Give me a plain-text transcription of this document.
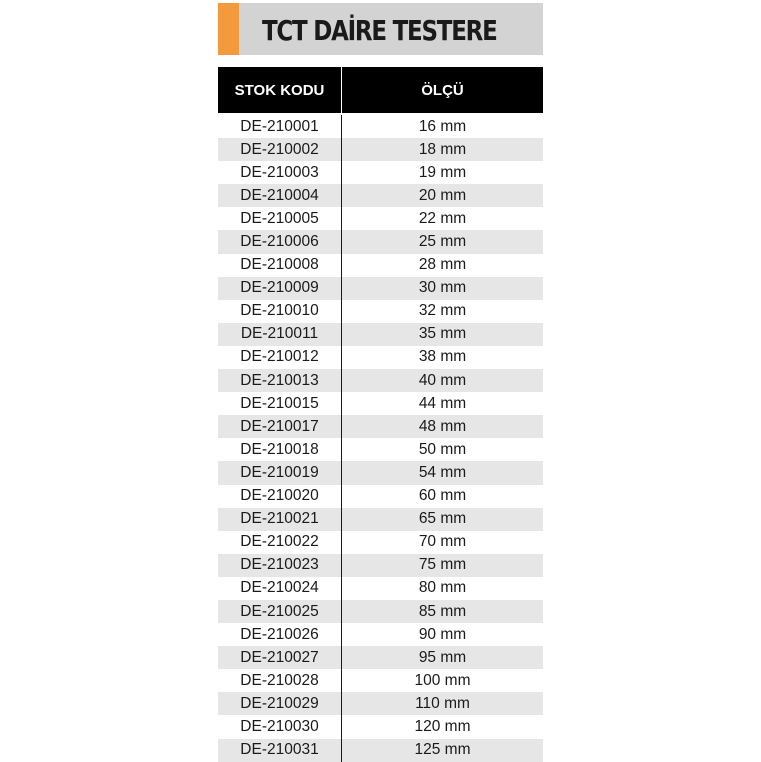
TCT DAİRE TESTERE
STOK KODU	ÖLÇÜ
DE-210001	16 mm
DE-210002	18 mm
DE-210003	19 mm
DE-210004	20 mm
DE-210005	22 mm
DE-210006	25 mm
DE-210008	28 mm
DE-210009	30 mm
DE-210010	32 mm
DE-210011	35 mm
DE-210012	38 mm
DE-210013	40 mm
DE-210015	44 mm
DE-210017	48 mm
DE-210018	50 mm
DE-210019	54 mm
DE-210020	60 mm
DE-210021	65 mm
DE-210022	70 mm
DE-210023	75 mm
DE-210024	80 mm
DE-210025	85 mm
DE-210026	90 mm
DE-210027	95 mm
DE-210028	100 mm
DE-210029	110 mm
DE-210030	120 mm
DE-210031	125 mm
